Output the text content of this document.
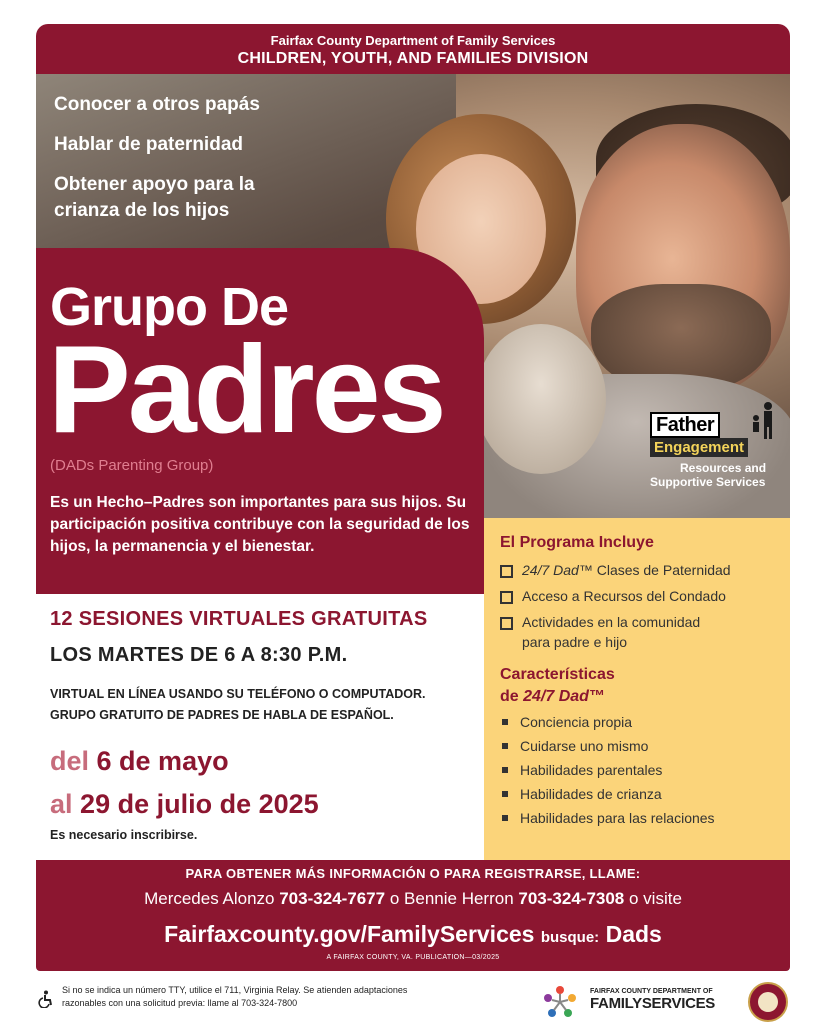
Fairfax County Department of Family Services
CHILDREN, YOUTH, AND FAMILIES DIVISION
Conocer a otros papás
Hablar de paternidad
Obtener apoyo para la
crianza de los hijos
Grupo De
Padres
(DADs Parenting Group)
Es un Hecho–Padres son importantes para sus hijos. Su participación positiva contribuye con la seguridad de los hijos, la permanencia y el bienestar.
Father
Engagement
Resources and
Supportive Services
El Programa Incluye
24/7 Dad™ Clases de Paternidad
Acceso a Recursos del Condado
Actividades en la comunidad
para padre e hijo
Características
de 24/7 Dad™
Conciencia propia
Cuidarse uno mismo
Habilidades parentales
Habilidades de crianza
Habilidades para las relaciones
12 SESIONES VIRTUALES GRATUITAS
LOS MARTES DE 6 A 8:30 P.M.
VIRTUAL EN LÍNEA USANDO SU TELÉFONO O COMPUTADOR.
GRUPO GRATUITO DE PADRES DE HABLA DE ESPAÑOL.
del 6 de mayo
al 29 de julio de 2025
Es necesario inscribirse.
PARA OBTENER MÁS INFORMACIÓN O PARA REGISTRARSE, LLAME:
Mercedes Alonzo 703-324-7677 o Bennie Herron 703-324-7308 o visite
Fairfaxcounty.gov/FamilyServices busque: Dads
A FAIRFAX COUNTY, VA. PUBLICATION—03/2025
Si no se indica un número TTY, utilice el 711, Virginia Relay. Se atienden adaptaciones
razonables con una solicitud previa: llame al 703-324-7800
FAIRFAX COUNTY DEPARTMENT OF
FAMILYSERVICES
